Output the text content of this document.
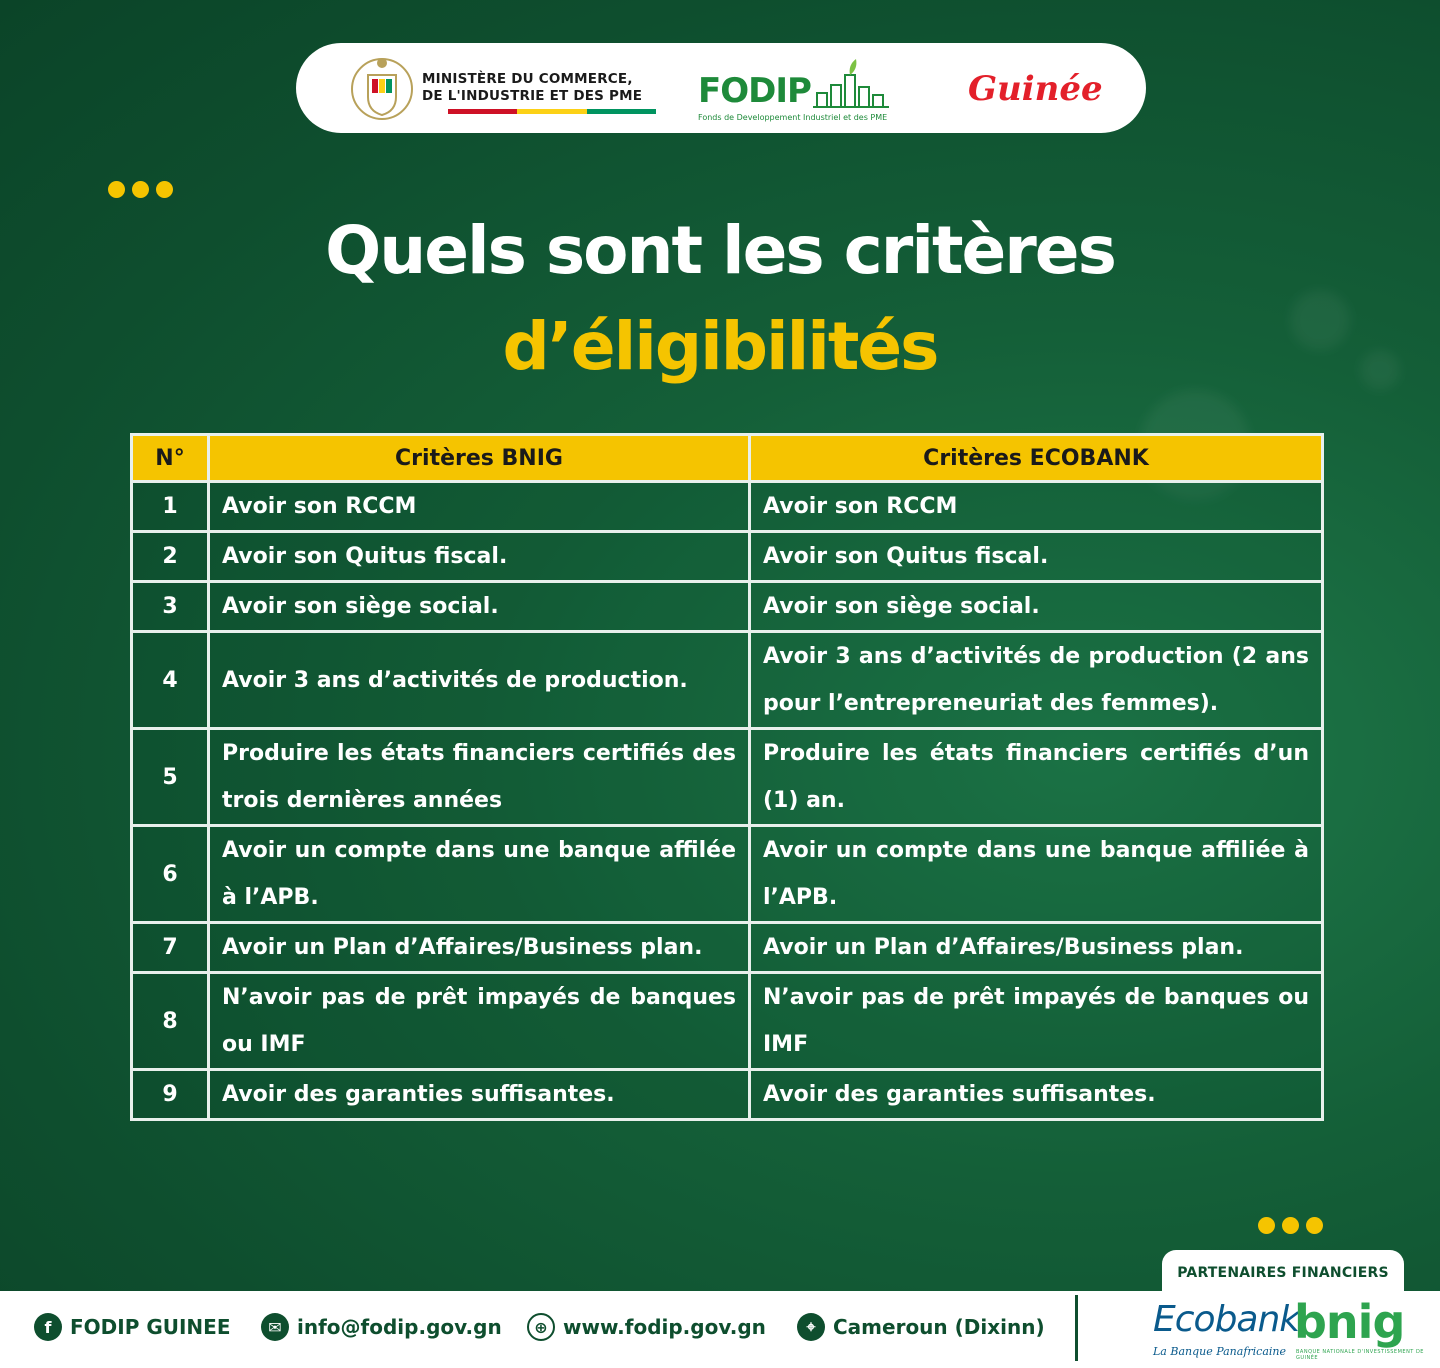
MINISTÈRE DU COMMERCE,
DE L'INDUSTRIE ET DES PME FODIP
Fonds de Developpement Industriel et des PME
Guinée
Quels sont les critères
d’éligibilités
N°	Critères BNIG	Critères ECOBANK
1	Avoir son RCCM	Avoir son RCCM
2	Avoir son Quitus fiscal.	Avoir son Quitus fiscal.
3	Avoir son siège social.	Avoir son siège social.
4	Avoir 3 ans d’activités de production.	Avoir 3 ans d’activités de production (2 ans pour l’entrepreneuriat des femmes).
5	Produire les états financiers certifiés des trois dernières années	Produire les états financiers certifiés d’un (1) an.
6	Avoir un compte dans une banque affilée à l’APB.	Avoir un compte dans une banque affiliée à l’APB.
7	Avoir un Plan d’Affaires/Business plan.	Avoir un Plan d’Affaires/Business plan.
8	N’avoir pas de prêt impayés de banques ou IMF	N’avoir pas de prêt impayés de banques ou IMF
9	Avoir des garanties suffisantes.	Avoir des garanties suffisantes.
PARTENAIRES FINANCIERS
f FODIP GUINEE	✉ info@fodip.gov.gn	⊕ www.fodip.gov.gn	⌖ Cameroun (Dixinn)	Ecobank
La Banque Panafricaine
bnig
BANQUE NATIONALE D'INVESTISSEMENT DE GUINÉE
